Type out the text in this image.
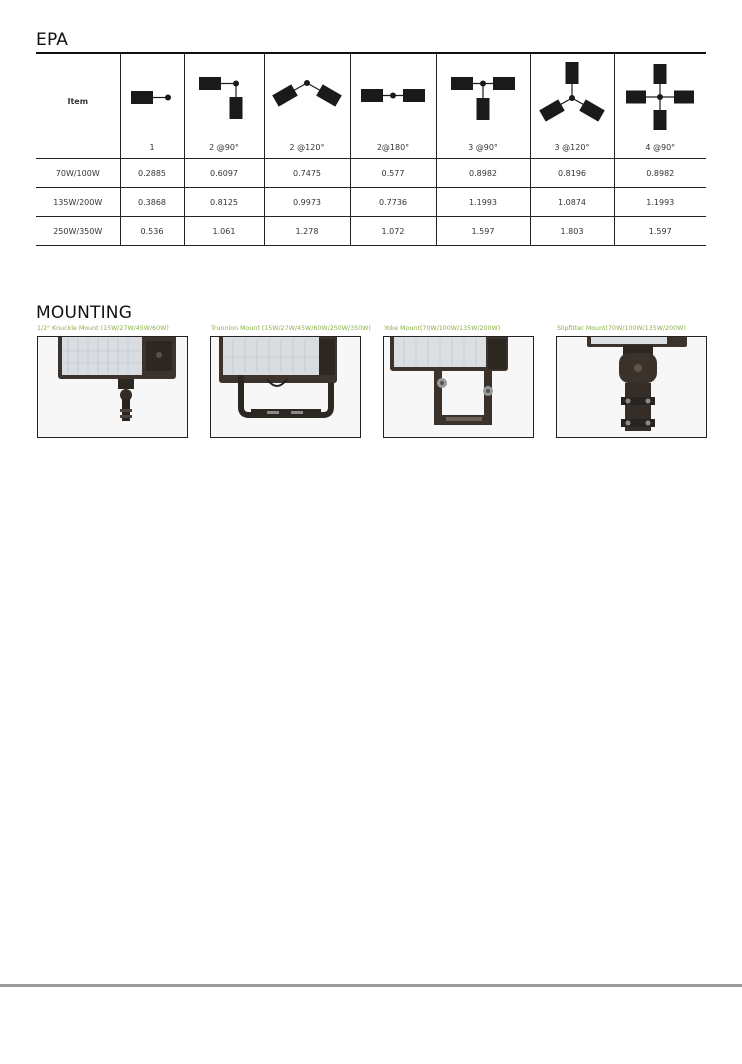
EPA
Item	1	2 @90°	2 @120°	2@180°	3 @90°	3 @120°	4 @90°

70W/100W	0.2885	0.6097	0.7475	0.577	0.8982	0.8196	0.8982
135W/200W	0.3868	0.8125	0.9973	0.7736	1.1993	1.0874	1.1993
250W/350W	0.536	1.061	1.278	1.072	1.597	1.803	1.597
MOUNTING
1/2" Knuckle Mount (15W/27W/45W/60W)	Trunnion Mount (15W/27W/45W/60W/250W/350W) Yoke Mount(70W/100W/135W/200W)	Slipfitter Mount(70W/100W/135W/200W)
